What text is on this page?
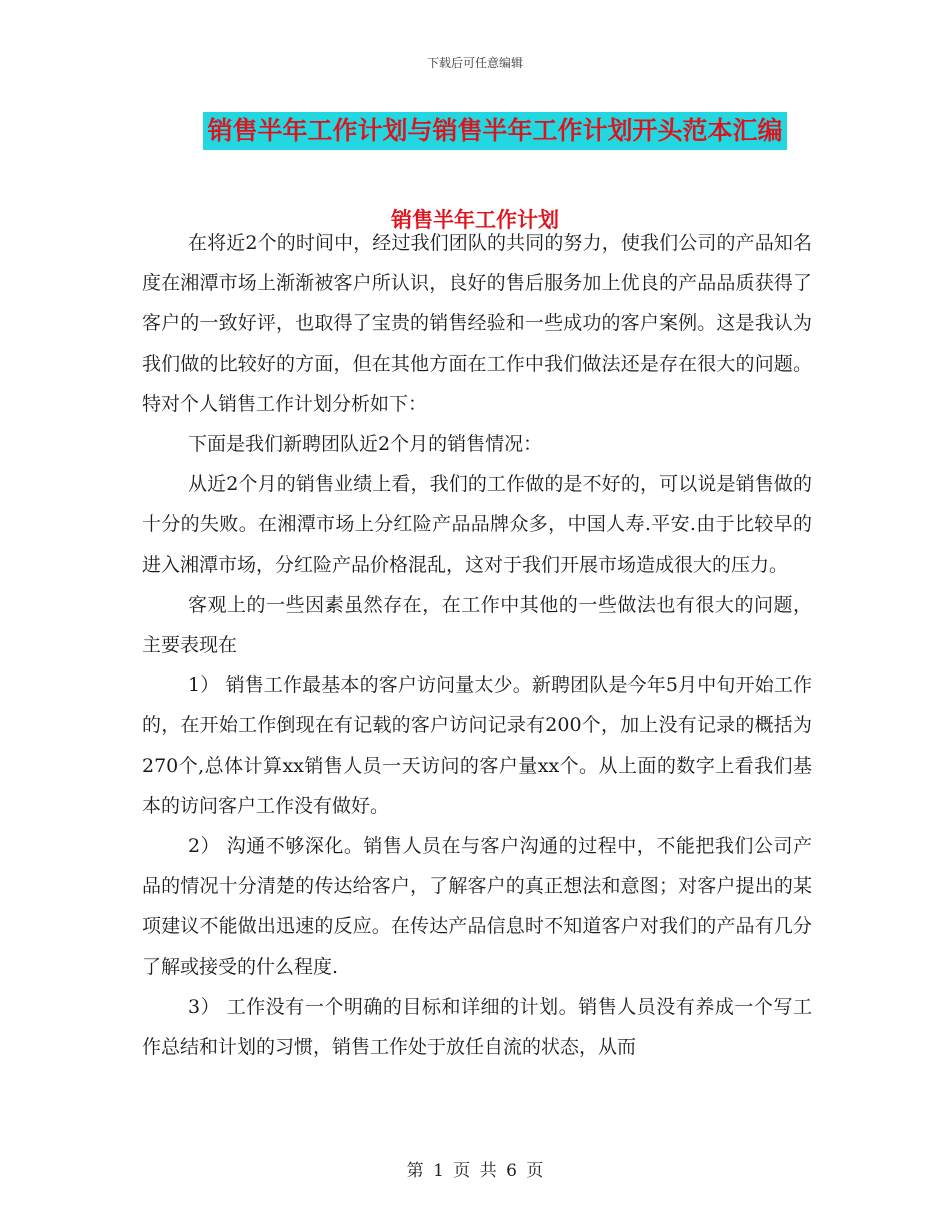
下载后可任意编辑
销售半年工作计划与销售半年工作计划开头范本汇编
销售半年工作计划

在将近2个的时间中，经过我们团队的共同的努力，使我们公司的产品知名度在湘潭市场上渐渐被客户所认识，良好的售后服务加上优良的产品品质获得了客户的一致好评，也取得了宝贵的销售经验和一些成功的客户案例。这是我认为我们做的比较好的方面，但在其他方面在工作中我们做法还是存在很大的问题。特对个人销售工作计划分析如下：

下面是我们新聘团队近2个月的销售情况：

从近2个月的销售业绩上看，我们的工作做的是不好的，可以说是销售做的十分的失败。在湘潭市场上分红险产品品牌众多，中国人寿.平安.由于比较早的进入湘潭市场，分红险产品价格混乱，这对于我们开展市场造成很大的压力。

客观上的一些因素虽然存在，在工作中其他的一些做法也有很大的问题，主要表现在

1） 销售工作最基本的客户访问量太少。新聘团队是今年5月中旬开始工作的，在开始工作倒现在有记载的客户访问记录有200个，加上没有记录的概括为270个,总体计算xx销售人员一天访问的客户量xx个。从上面的数字上看我们基本的访问客户工作没有做好。

2） 沟通不够深化。销售人员在与客户沟通的过程中，不能把我们公司产品的情况十分清楚的传达给客户，了解客户的真正想法和意图；对客户提出的某项建议不能做出迅速的反应。在传达产品信息时不知道客户对我们的产品有几分了解或接受的什么程度.

3） 工作没有一个明确的目标和详细的计划。销售人员没有养成一个写工作总结和计划的习惯，销售工作处于放任自流的状态，从而

第 1 页 共 6 页
